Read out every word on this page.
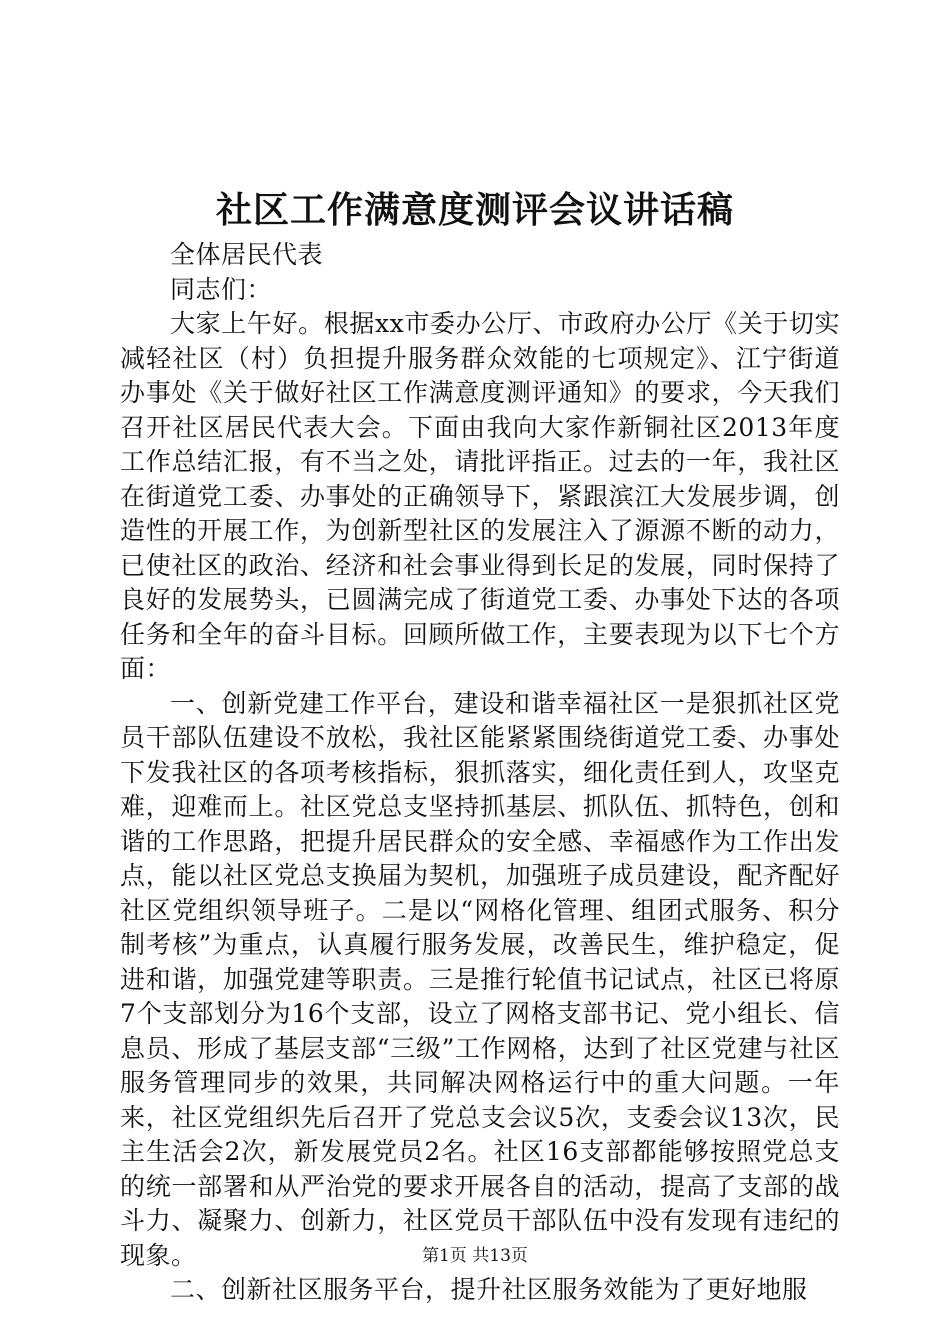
社区工作满意度测评会议讲话稿

全体居民代表

同志们：

大家上午好。根据xx市委办公厅、市政府办公厅《关于切实减轻社区（村）负担提升服务群众效能的七项规定》、江宁街道办事处《关于做好社区工作满意度测评通知》的要求，今天我们召开社区居民代表大会。下面由我向大家作新铜社区2013年度工作总结汇报，有不当之处，请批评指正。过去的一年，我社区在街道党工委、办事处的正确领导下，紧跟滨江大发展步调，创造性的开展工作，为创新型社区的发展注入了源源不断的动力，已使社区的政治、经济和社会事业得到长足的发展，同时保持了良好的发展势头，已圆满完成了街道党工委、办事处下达的各项任务和全年的奋斗目标。回顾所做工作，主要表现为以下七个方面：

一、创新党建工作平台，建设和谐幸福社区一是狠抓社区党员干部队伍建设不放松，我社区能紧紧围绕街道党工委、办事处下发我社区的各项考核指标，狠抓落实，细化责任到人，攻坚克难，迎难而上。社区党总支坚持抓基层、抓队伍、抓特色，创和谐的工作思路，把提升居民群众的安全感、幸福感作为工作出发点，能以社区党总支换届为契机，加强班子成员建设，配齐配好社区党组织领导班子。二是以“网格化管理、组团式服务、积分制考核”为重点，认真履行服务发展，改善民生，维护稳定，促进和谐，加强党建等职责。三是推行轮值书记试点，社区已将原7个支部划分为16个支部，设立了网格支部书记、党小组长、信息员、形成了基层支部“三级”工作网格，达到了社区党建与社区服务管理同步的效果，共同解决网格运行中的重大问题。一年来，社区党组织先后召开了党总支会议5次，支委会议13次，民主生活会2次，新发展党员2名。社区16支部都能够按照党总支的统一部署和从严治党的要求开展各自的活动，提高了支部的战斗力、凝聚力、创新力，社区党员干部队伍中没有发现有违纪的现象。

二、创新社区服务平台，提升社区服务效能为了更好地服

第1页 共13页
